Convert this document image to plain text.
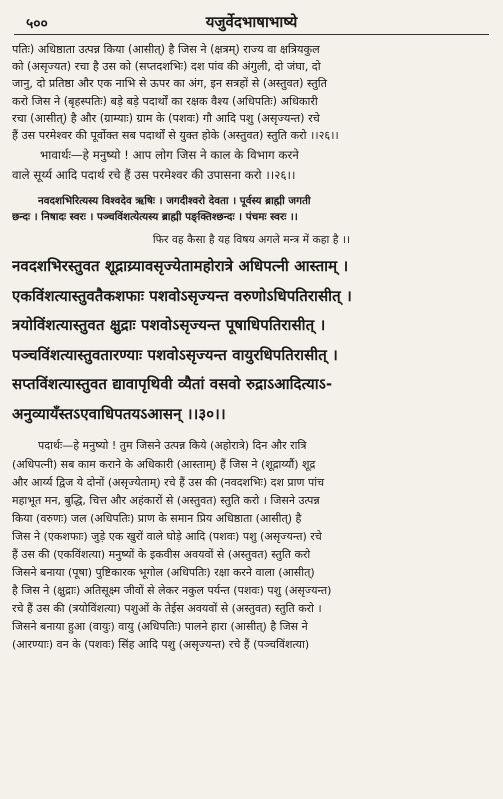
५००	यजुर्वेदभाषाभाष्ये
पतिः) अधिष्ठाता उत्पन्न किया (आसीत्) है जिस ने (क्षत्रम्) राज्य वा क्षत्रियकुल
को (असृज्यत) रचा है उस को (सप्तदशभिः) दश पांव की अंगुली, दो जंघा, दो
जानु, दो प्रतिष्ठा और एक नाभि से ऊपर का अंग, इन सत्रहों से (अस्तुवत) स्तुति
करो जिस ने (बृहस्पतिः) बड़े बड़े पदार्थों का रक्षक वैश्य (अधिपतिः) अधिकारी
रचा (आसीत्) है और (ग्राम्याः) ग्राम के (पशवः) गौ आदि पशु (असृज्यन्त) रचे
हैं उस परमेश्वर की पूर्वोक्त सब पदार्थों से युक्त होके (अस्तुवत) स्तुति करो ।।२६।।
भावार्थः—हे मनुष्यो ! आप लोग जिस ने काल के विभाग करने
वाले सूर्य्य आदि पदार्थ रचे हैं उस परमेश्वर की उपासना करो ।।२६।।
नवदशभिरित्यस्य विश्वदेव ऋषिः । जगदीश्वरो देवता । पूर्वस्य ब्राह्मी जगती
छन्दः । निषादः स्वरः । पञ्चविंशत्येत्यस्य ब्राह्मी पङ्क्तिश्छन्दः । पंचमः स्वरः ।।
फिर वह कैसा है यह विषय अगले मन्त्र में कहा है ।।
नवदशभिरस्तुवत शूद्राय्र्यावसृज्येतामहोरात्रे अधिपत्नी आस्ताम् ।
एकविंशत्यास्तुवतैकशफाः पशवोऽसृज्यन्त वरुणोऽधिपतिरासीत् ।
त्रयोविंशत्यास्तुवत क्षुद्राः पशवोऽसृज्यन्त पूषाधिपतिरासीत् ।
पञ्चविंशत्यास्तुवतारण्याः पशवोऽसृज्यन्त वायुरधिपतिरासीत् ।
सप्तविंशत्यास्तुवत द्यावापृथिवी व्यैतां वसवो रुद्राऽआदित्याऽ-
अनुव्यायँस्तऽएवाधिपतयऽआसन् ।।३०।।
पदार्थः—हे मनुष्यो ! तुम जिसने उत्पन्न किये (अहोरात्रे) दिन और रात्रि
(अधिपत्नी) सब काम कराने के अधिकारी (आस्ताम्) हैं जिस ने (शूद्रार्य्यौ) शूद्र
और आर्य्य द्विज ये दोनों (असृज्येताम्) रचे हैं उस की (नवदशभिः) दश प्राण पांच
महाभूत मन, बुद्धि, चित्त और अहंकारों से (अस्तुवत) स्तुति करो । जिसने उत्पन्न
किया (वरुणः) जल (अधिपतिः) प्राण के समान प्रिय अधिष्ठाता (आसीत्) है
जिस ने (एकशफाः) जुड़े एक खुरों वाले घोड़े आदि (पशवः) पशु (असृज्यन्त) रचे
हैं उस की (एकविंशत्या) मनुष्यों के इकवीस अवयवों से (अस्तुवत) स्तुति करो
जिसने बनाया (पूषा) पुष्टिकारक भूगोल (अधिपतिः) रक्षा करने वाला (आसीत्)
है जिस ने (क्षुद्राः) अतिसूक्ष्म जीवों से लेकर नकुल पर्यन्त (पशवः) पशु (असृज्यन्त)
रचे हैं उस की (त्रयोविंशत्या) पशुओं के तेईस अवयवों से (अस्तुवत) स्तुति करो ।
जिसने बनाया हुआ (वायुः) वायु (अधिपतिः) पालने हारा (आसीत्) है जिस ने
(आरण्याः) वन के (पशवः) सिंह आदि पशु (असृज्यन्त) रचे हैं (पञ्चविंशत्या)
